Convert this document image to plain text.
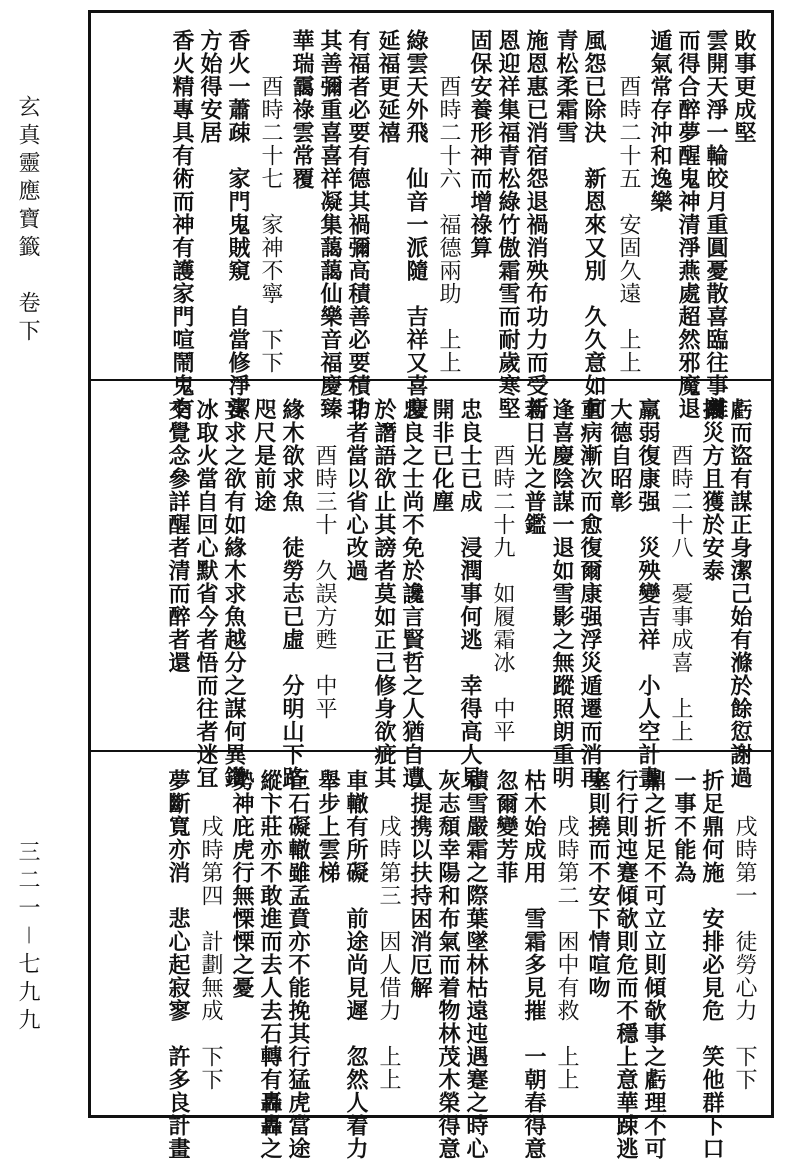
玄真靈應寶籤　卷下
三二一－七九九
敗事更成堅
雲開天淨一輪皎月重圓憂散喜臨往事離
而得合醉夢醒鬼神清淨燕處超然邪魔退
遁氣常存沖和逸樂
　　酉時二十五　安固久遠　上上
風怨已除決　新恩來又別　久久意如何
青松柔霜雪
施恩惠已消宿怨退禍消殃布功力而受新
恩迎祥集福青松綠竹傲霜雪而耐歲寒堅
固保安養形神而增祿算
　　酉時二十六　福德兩助　上上
綠雲天外飛　仙音一派隨　吉祥又喜慶
延福更延禧
有福者必要有德其禍彌高積善必要積功
其善彌重喜喜祥凝集藹藹仙樂音福慶臻
華瑞靄祿雲常覆
　　酉時二十七　家神不寧　下下
香火一蕭疎　家門鬼賊窺　自當修淨潔
方始得安居
香火精專具有術而神有護家門喧鬧鬼有
虧而盜有謀正身潔己始有滌於餘愆謝過
攘災方且獲於安泰
　　酉時二十八　憂事成喜　上上
羸弱復康强　災殃變吉祥　小人空計畫
大德自昭彰
重病漸次而愈復爾康强浮災遁遷而消再
逢喜慶陰謀一退如雪影之無蹤照朗重明
若日光之普鑑
　　酉時二十九　如履霜冰　中平
忠良士已成　浸潤事何逃　幸得高人見
開非已化塵
忠良之士尚不免於讒言賢哲之人猶自遭
於譖語欲止其謗者莫如正己修身欲疵其
非者當以省心改過
　　酉時三十　久誤方甦　中平
緣木欲求魚　徒勞志已虛　分明山下路
咫尺是前途
妄求之欲有如緣木求魚越分之謀何異鑽
冰取火當自回心默省今者悟而往者迷冝
交覺念參詳醒者清而醉者還
　　戌時第一　徒勞心力　下下
折足鼎何施　安排必見危　笑他群下口
一事不能為
鼎之折足不可立立則傾欹事之虧理不可
行行則迍蹇傾欹則危而不穩上意華踈逃
塞則撓而不安下情喧吻
　　戌時第二　困中有救　上上
枯木始成用　雪霜多見摧　一朝春得意
忽爾變芳菲
積雪嚴霜之際葉墜林枯遠迍遇蹇之時心
灰志頹幸陽和布氣而着物林茂木榮得意
人提携以扶持困消厄解
　　戌時第三　因人借力　上上
車轍有所礙　前途尚見遲　忽然人着力
舉步上雲梯
巨石礙轍雖孟賁亦不能挽其行猛虎當途
縱卞莊亦不敢進而去人去石轉有轟轟之
勢神庇虎行無慄慄之憂
　　戌時第四　計劃無成　下下
夢斷寬亦消　悲心起寂寥　許多良計畫
